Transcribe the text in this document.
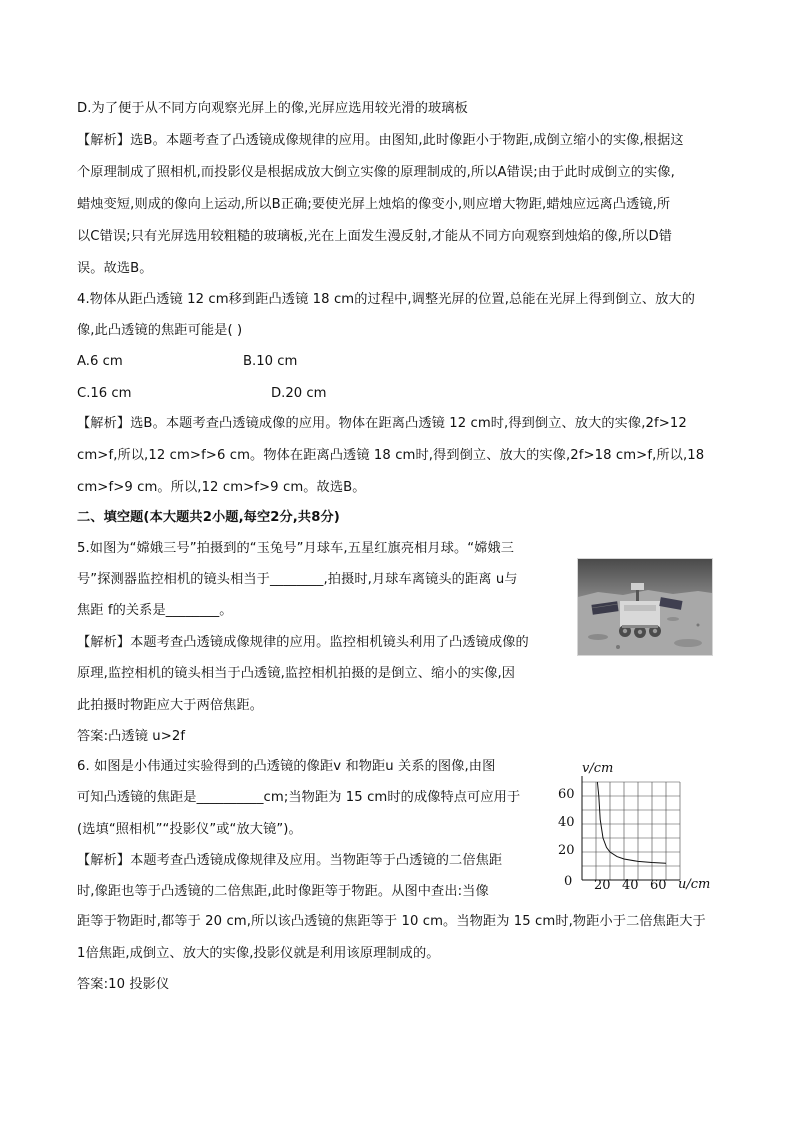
D.为了便于从不同方向观察光屏上的像,光屏应选用较光滑的玻璃板
【解析】选B。本题考查了凸透镜成像规律的应用。由图知,此时像距小于物距,成倒立缩小的实像,根据这
个原理制成了照相机,而投影仪是根据成放大倒立实像的原理制成的,所以A错误;由于此时成倒立的实像,
蜡烛变短,则成的像向上运动,所以B正确;要使光屏上烛焰的像变小,则应增大物距,蜡烛应远离凸透镜,所
以C错误;只有光屏选用较粗糙的玻璃板,光在上面发生漫反射,才能从不同方向观察到烛焰的像,所以D错
误。故选B。
4.物体从距凸透镜 12 cm移到距凸透镜 18 cm的过程中,调整光屏的位置,总能在光屏上得到倒立、放大的
像,此凸透镜的焦距可能是( )
A.6 cm	B.10 cm
C.16 cm	D.20 cm
【解析】选B。本题考查凸透镜成像的应用。物体在距离凸透镜 12 cm时,得到倒立、放大的实像,2f>12
cm>f,所以,12 cm>f>6 cm。物体在距离凸透镜 18 cm时,得到倒立、放大的实像,2f>18 cm>f,所以,18
cm>f>9 cm。所以,12 cm>f>9 cm。故选B。
二、填空题(本大题共2小题,每空2分,共8分)
5.如图为“嫦娥三号”拍摄到的“玉兔号”月球车,五星红旗亮相月球。“嫦娥三
号”探测器监控相机的镜头相当于________,拍摄时,月球车离镜头的距离 u与
焦距 f的关系是________。
【解析】本题考查凸透镜成像规律的应用。监控相机镜头利用了凸透镜成像的
原理,监控相机的镜头相当于凸透镜,监控相机拍摄的是倒立、缩小的实像,因
此拍摄时物距应大于两倍焦距。
答案:凸透镜 u>2f
6. 如图是小伟通过实验得到的凸透镜的像距v 和物距u 关系的图像,由图
可知凸透镜的焦距是__________cm;当物距为 15 cm时的成像特点可应用于
(选填“照相机”“投影仪”或“放大镜”)。
【解析】本题考查凸透镜成像规律及应用。当物距等于凸透镜的二倍焦距
时,像距也等于凸透镜的二倍焦距,此时像距等于物距。从图中查出:当像
距等于物距时,都等于 20 cm,所以该凸透镜的焦距等于 10 cm。当物距为 15 cm时,物距小于二倍焦距大于
1倍焦距,成倒立、放大的实像,投影仪就是利用该原理制成的。
答案:10 投影仪
v/cm
u/cm
0
20
40
60
20 40 60
